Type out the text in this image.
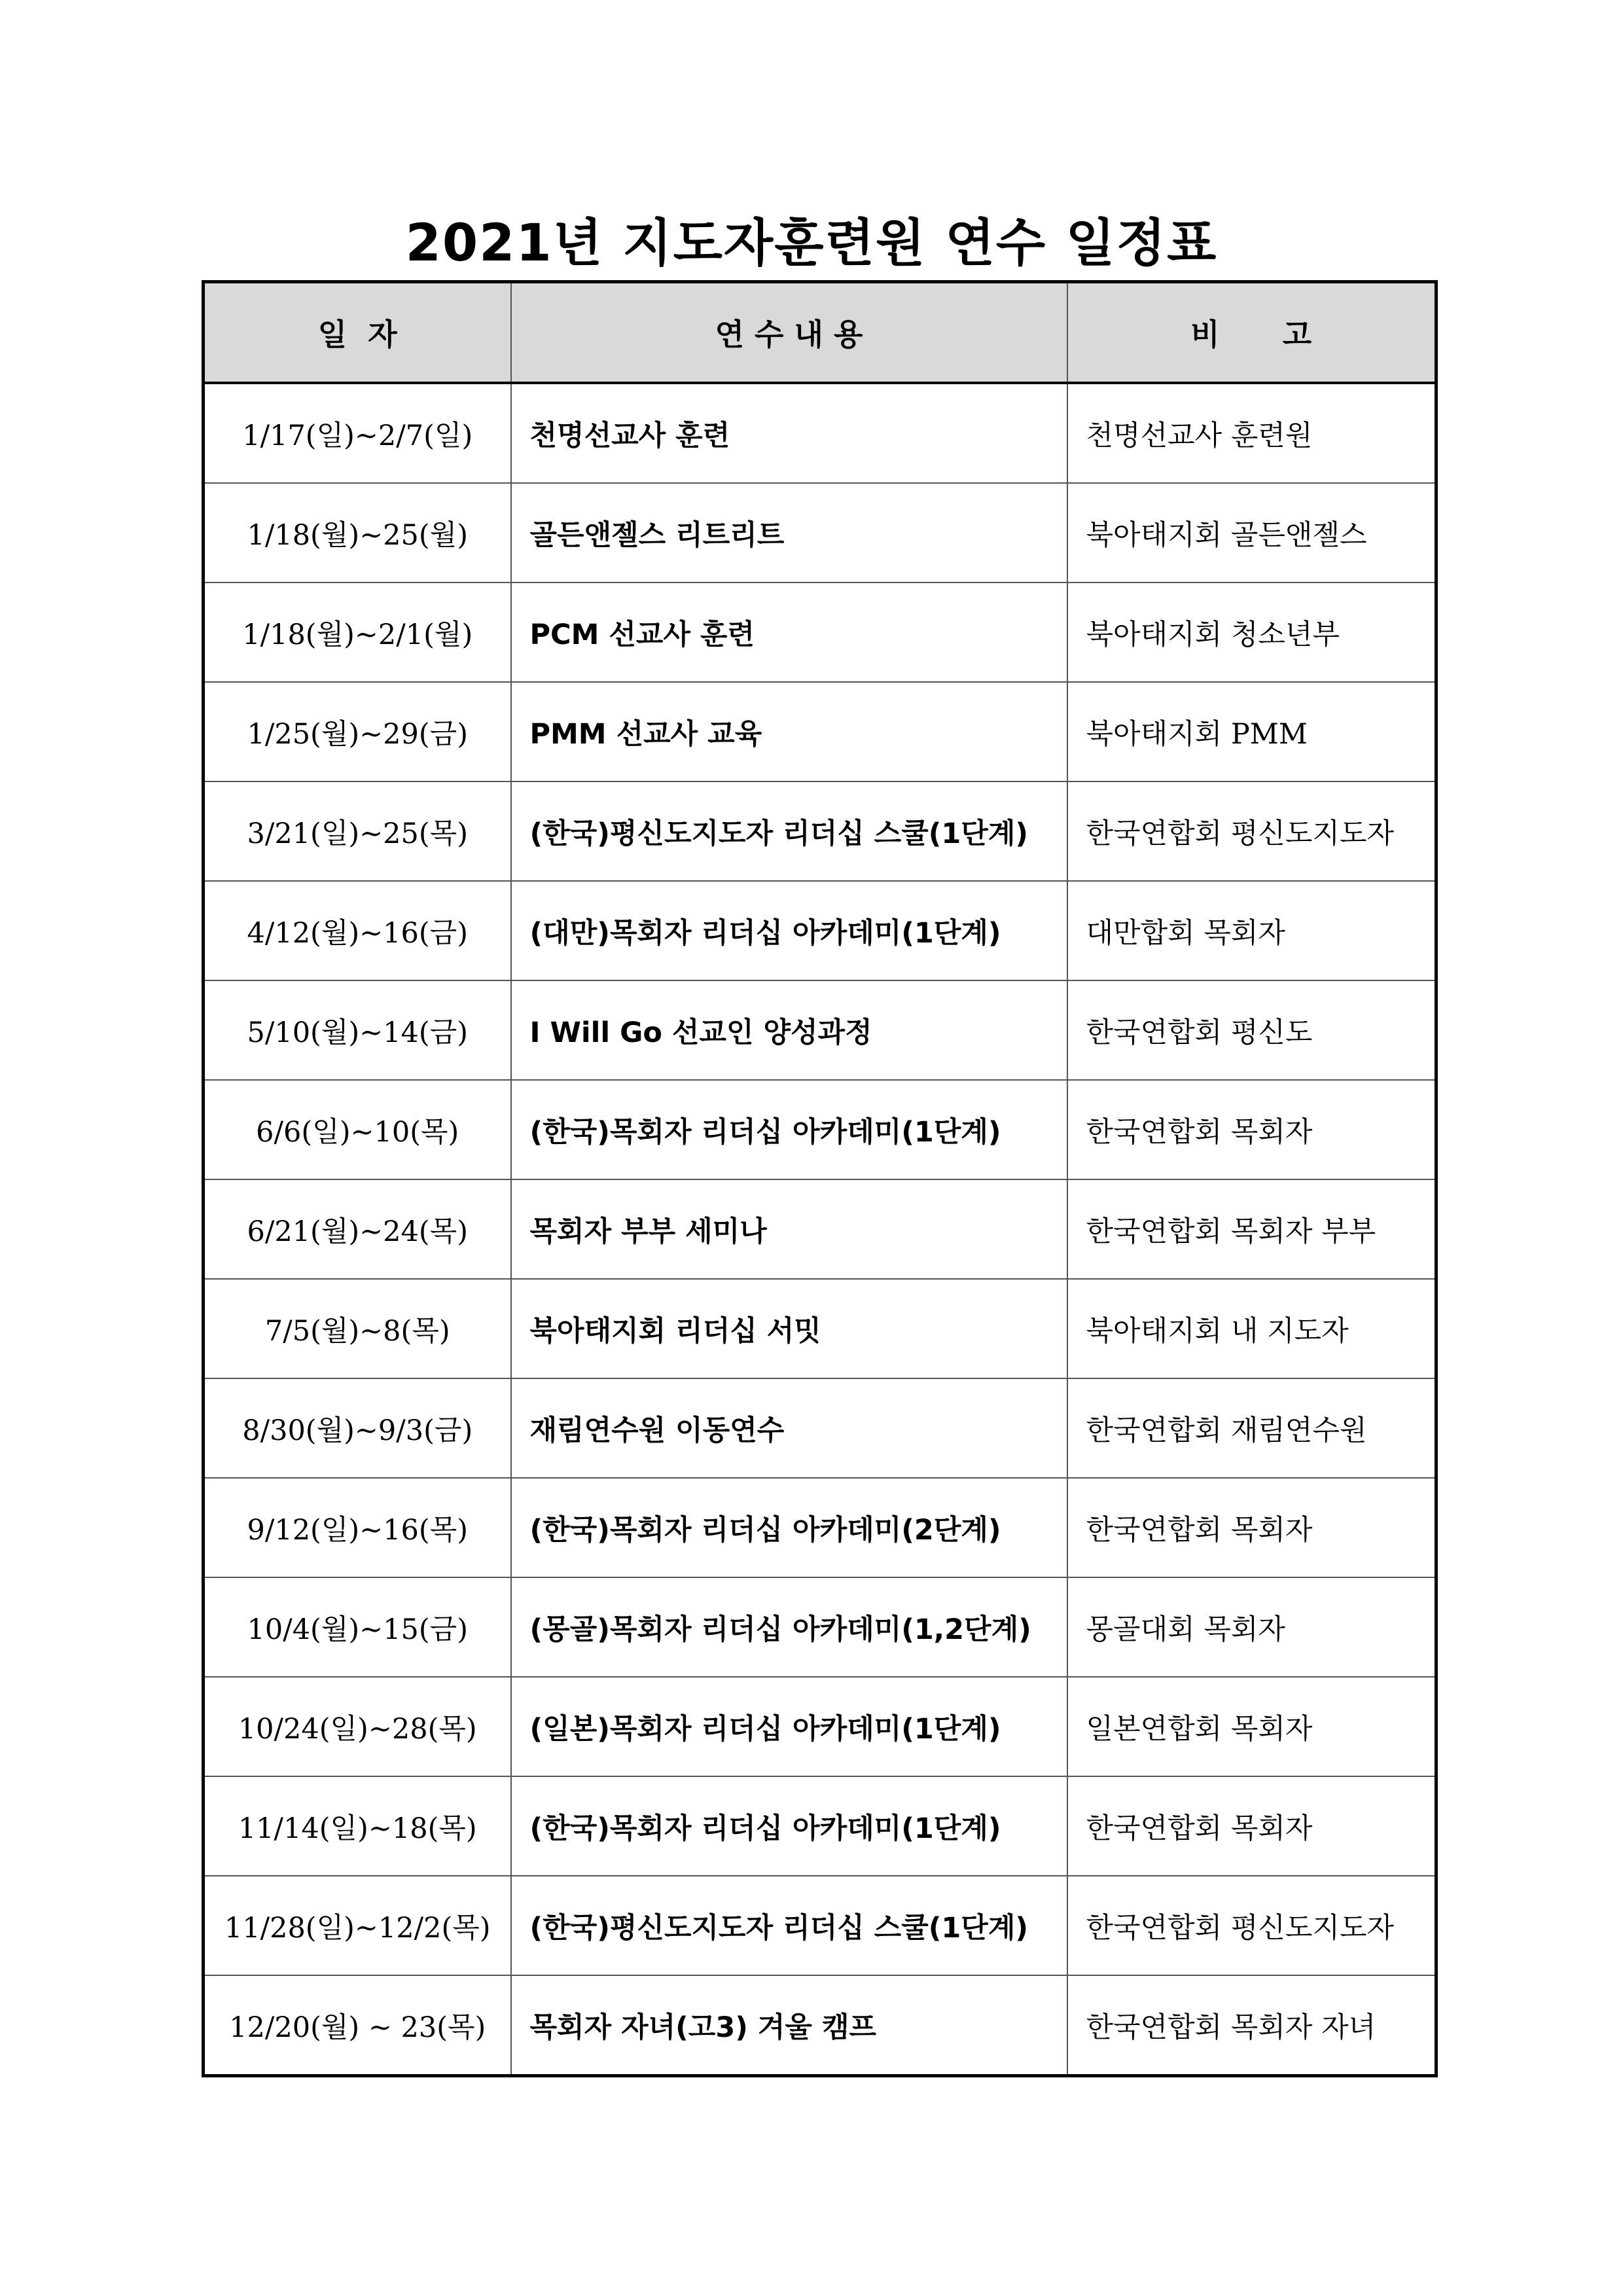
2021년 지도자훈련원 연수 일정표
일  자	연 수 내 용	비      고
1/17(일)~2/7(일)	천명선교사 훈련	천명선교사 훈련원
1/18(월)~25(월)	골든앤젤스 리트리트	북아태지회 골든앤젤스
1/18(월)~2/1(월)	PCM 선교사 훈련	북아태지회 청소년부
1/25(월)~29(금)	PMM 선교사 교육	북아태지회 PMM
3/21(일)~25(목)	(한국)평신도지도자 리더십 스쿨(1단계)	한국연합회 평신도지도자
4/12(월)~16(금)	(대만)목회자 리더십 아카데미(1단계)	대만합회 목회자
5/10(월)~14(금)	I Will Go 선교인 양성과정	한국연합회 평신도
6/6(일)~10(목)	(한국)목회자 리더십 아카데미(1단계)	한국연합회 목회자
6/21(월)~24(목)	목회자 부부 세미나	한국연합회 목회자 부부
7/5(월)~8(목)	북아태지회 리더십 서밋	북아태지회 내 지도자
8/30(월)~9/3(금)	재림연수원 이동연수	한국연합회 재림연수원
9/12(일)~16(목)	(한국)목회자 리더십 아카데미(2단계)	한국연합회 목회자
10/4(월)~15(금)	(몽골)목회자 리더십 아카데미(1,2단계)	몽골대회 목회자
10/24(일)~28(목)	(일본)목회자 리더십 아카데미(1단계)	일본연합회 목회자
11/14(일)~18(목)	(한국)목회자 리더십 아카데미(1단계)	한국연합회 목회자
11/28(일)~12/2(목)	(한국)평신도지도자 리더십 스쿨(1단계)	한국연합회 평신도지도자
12/20(월) ~ 23(목)	목회자 자녀(고3) 겨울 캠프	한국연합회 목회자 자녀
